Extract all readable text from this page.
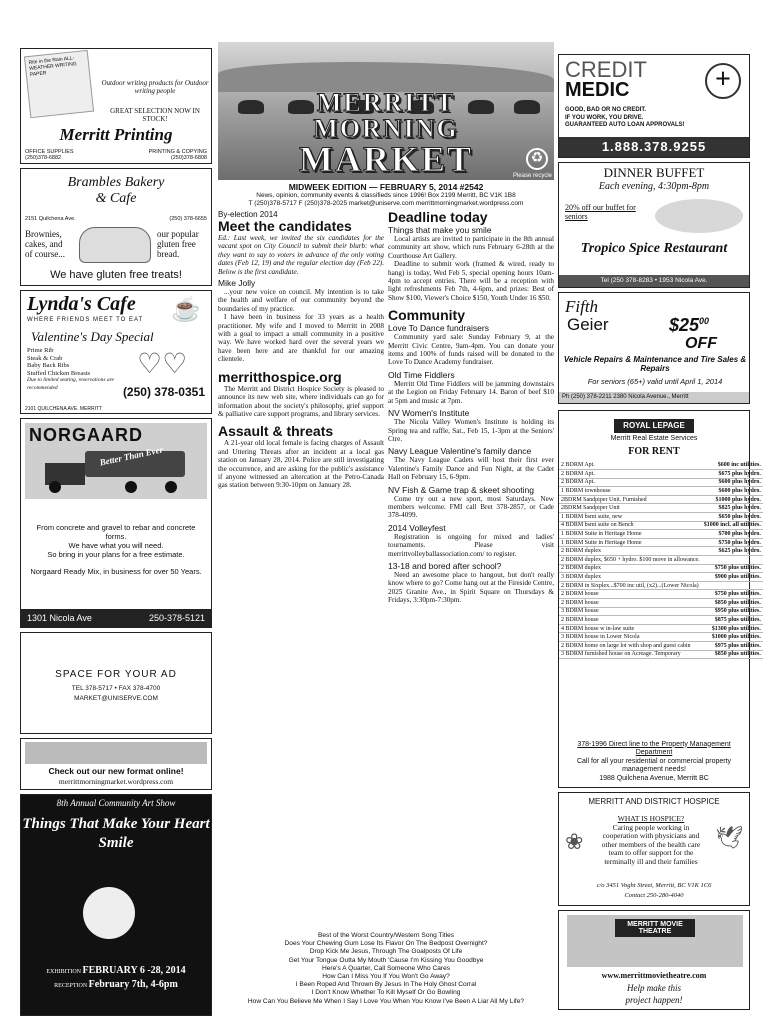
Rite in the Rain ALL-WEATHER WRITING PAPER
Outdoor writing products for Outdoor writing people
GREAT SELECTION NOW IN STOCK!
Merritt Printing
OFFICE SUPPLIES
(250)378-6882
PRINTING & COPYING
(250)378-6808
Brambles Bakery & Cafe
2151 Quilchena Ave.	(250) 378-6655
Brownies, cakes, and of course...
our popular gluten free bread.
We have gluten free treats!
Lynda's Cafe ☕
WHERE FRIENDS MEET TO EAT
Valentine's Day Special
Prime Rib
Steak & Crab
Baby Back Ribs
Stuffed Chicken Breasts
Due to limited seating, reservations are recommended
♡♡
(250) 378-0351
2101 QUILCHENA AVE. MERRITT
NORGAARD
Better Than Ever
From concrete and gravel to rebar and concrete forms.
We have what you will need.
So bring in your plans for a free estimate.
Norgaard Ready Mix, in business for over 50 Years.
1301 Nicola Ave	250-378-5121
SPACE FOR YOUR AD
TEL 378-5717 • FAX 378-4700
MARKET@UNISERVE.COM
Check out our new format online!
merrittmorningmarket.wordpress.com
8th Annual Community Art Show
Things That Make Your Heart Smile
EXHIBITION FEBRUARY 6 -28, 2014
RECEPTION February 7th, 4-6pm
MERRITT
MORNING
MARKET	♻
Please recycle
MIDWEEK EDITION — FEBRUARY 5, 2014 #2542
News, opinion, community events & classifieds since 1996! Box 2199 Merritt, BC V1K 1B8
T (250)378-5717 F (250)378-2025 market@uniserve.com merrittmorningmarket.wordpress.com
By-election 2014
Meet the candidates
Ed.: Last week, we invited the six candidates for the vacant spot on City Council to submit their blurb: what they want to say to voters in advance of the only voting dates (Feb 12, 19) and the regular election day (Feb 22). Below is the first candidate.
Mike Jolly
...your new voice on council. My intention is to take the health and welfare of our community beyond the boundaries of my practice.
I have been in business for 33 years as a health practitioner. My wife and I moved to Merritt in 2008 with a goal to impact a small community in a positive way. We have worked hard over the several years we have been here and are thankful for our amazing clientele.
merritthospice.org
The Merritt and District Hospice Society is pleased to announce its new web site, where individuals can go for information about the society's philosophy, grief support & palliative care support programs, and library services.
Assault & threats
A 21-year old local female is facing charges of Assault and Uttering Threats after an incident at a local gas station on January 28, 2014. Police are still investigating the occurrence, and are asking for the public's assistance if anyone witnessed an altercation at the Petro-Canada gas station between 9:30-10pm on January 28.
Deadline today
Things that make you smile
Local artists are invited to participate in the 8th annual community art show, which runs February 6-28th at the Courthouse Art Gallery.
Deadline to submit work (framed & wired, ready to hang) is today, Wed Feb 5, special opening hours 10am-4pm to accept entries. There will be a reception with light refreshments Feb 7th, 4-6pm, and prizes: Best of Show $100, Viewer's Choice $150, Youth Under 16 $50.
Community
Love To Dance fundraisers
Community yard sale: Sunday February 9, at the Merritt Civic Centre, 9am-4pm. You can donate your items and 100% of funds raised will be donated to the Love To Dance Academy fundraiser.
Old Time Fiddlers
Merritt Old Time Fiddlers will be jamming downstairs at the Legion on Friday February 14. Baron of beef $10 at 5pm and music at 7pm.
NV Women's Institute
The Nicola Valley Women's Institute is holding its Spring tea and raffle, Sat., Feb 15, 1-3pm at the Seniors' Ctre.
Navy League Valentine's family dance
The Navy League Cadets will host their first ever Valentine's Family Dance and Fun Night, at the Cadet Hall on February 15, 6-9pm.
NV Fish & Game trap & skeet shooting
Come try out a new sport, most Saturdays. New members welcome. FMI call Bret 378-2857, or Cade 378-4099.
2014 Volleyfest
Registration is ongoing for mixed and ladies' tournaments. Please visit merrittvolleyballassociation.com/ to register.
13-18 and bored after school?
Need an awesome place to hangout, but don't really know where to go? Come hang out at the Fireside Centre, 2025 Granite Ave., in Spirit Square on Thursdays & Fridays, 3:30pm-7:30pm.
Best of the Worst Country/Western Song Titles
Does Your Chewing Gum Lose Its Flavor On The Bedpost Overnight?
Drop Kick Me Jesus, Through The Goalposts Of Life
Get Your Tongue Outta My Mouth 'Cause I'm Kissing You Goodbye
Here's A Quarter, Call Someone Who Cares
How Can I Miss You If You Won't Go Away?
I Been Roped And Thrown By Jesus In The Holy Ghost Corral
I Don't Know Whether To Kill Myself Or Go Bowling
How Can You Believe Me When I Say I Love You When You Know I've Been A Liar All My Life?
CREDIT
MEDIC	+
GOOD, BAD OR NO CREDIT.
IF YOU WORK, YOU DRIVE.
GUARANTEED AUTO LOAN APPROVALS!
1.888.378.9255
DINNER BUFFET
Each evening, 4:30pm-8pm
20% off our buffet for seniors
Tropico Spice Restaurant
Tel (250 378-8283 • 1953 Nicola Ave.
Fifth
Geier	$\$25^{00}$
OFF
Vehicle Repairs & Maintenance and Tire Sales & Repairs
For seniors (65+) valid until April 1, 2014
Ph (250) 378-2211 2380 Nicola Avenue., Merritt
ROYAL LEPAGE
Merritt Real Estate Services
FOR RENT
2 BDRM Apt.	$600 inc utilities.
2 BDRM Apt.	$675 plus hydro.
2 BDRM Apt.	$600 plus hydro.
1 BDRM townhouse	$600 plus hydro.
2BDRM Sandpiper Unit. Furnished	$1000 plus hydro.
2BDRM Sandpiper Unit	$825 plus hydro.
1 BDRM bsmt suite, new	$650 plus hydro.
4 BDRM bsmt suite on Bench	$1000 incl. all utilities.
1 BDRM Suite in Heritage Home	$700 plus hydro.
1 BDRM Suite in Heritage Home	$750 plus hydro.
2 BDRM duplex	$625 plus hydro.
2 BDRM duplex, $650 + hydro. $100 move in allowance.	
2 BDRM duplex	$750 plus utilities.
3 BDRM duplex	$900 plus utilities.
2 BDRM in Sixplex...$700 inc util, (x2)...(Lower Nicola)	
2 BDRM house	$750 plus utilities.
2 BDRM house	$850 plus utilities.
3 BDRM house	$950 plus utilities.
2 BDRM house	$875 plus utilities.
4 BDRM house w in-law suite	$1300 plus utilities.
3 BDRM house in Lower Nicola	$1000 plus utilities.
2 BDRM home on large lot with shop and guest cabin	$975 plus utilities.
3 BDRM furnished house on Acreage. Temporary	$850 plus utilities.
378-1996 Direct line to the Property Management Department
Call for all your residential or commercial property management needs!
1988 Quilchena Avenue, Merritt BC
MERRITT AND DISTRICT HOSPICE
WHAT IS HOSPICE?
Caring people working in cooperation with physicians and other members of the health care team to offer support for the terminally ill and their families
❀	🕊
c/o 3451 Voght Street, Merritt, BC V1K 1C6
Contact 250-280-4040
MERRITT MOVIE THEATRE
www.merrittmovietheatre.com
Help make this
project happen!
